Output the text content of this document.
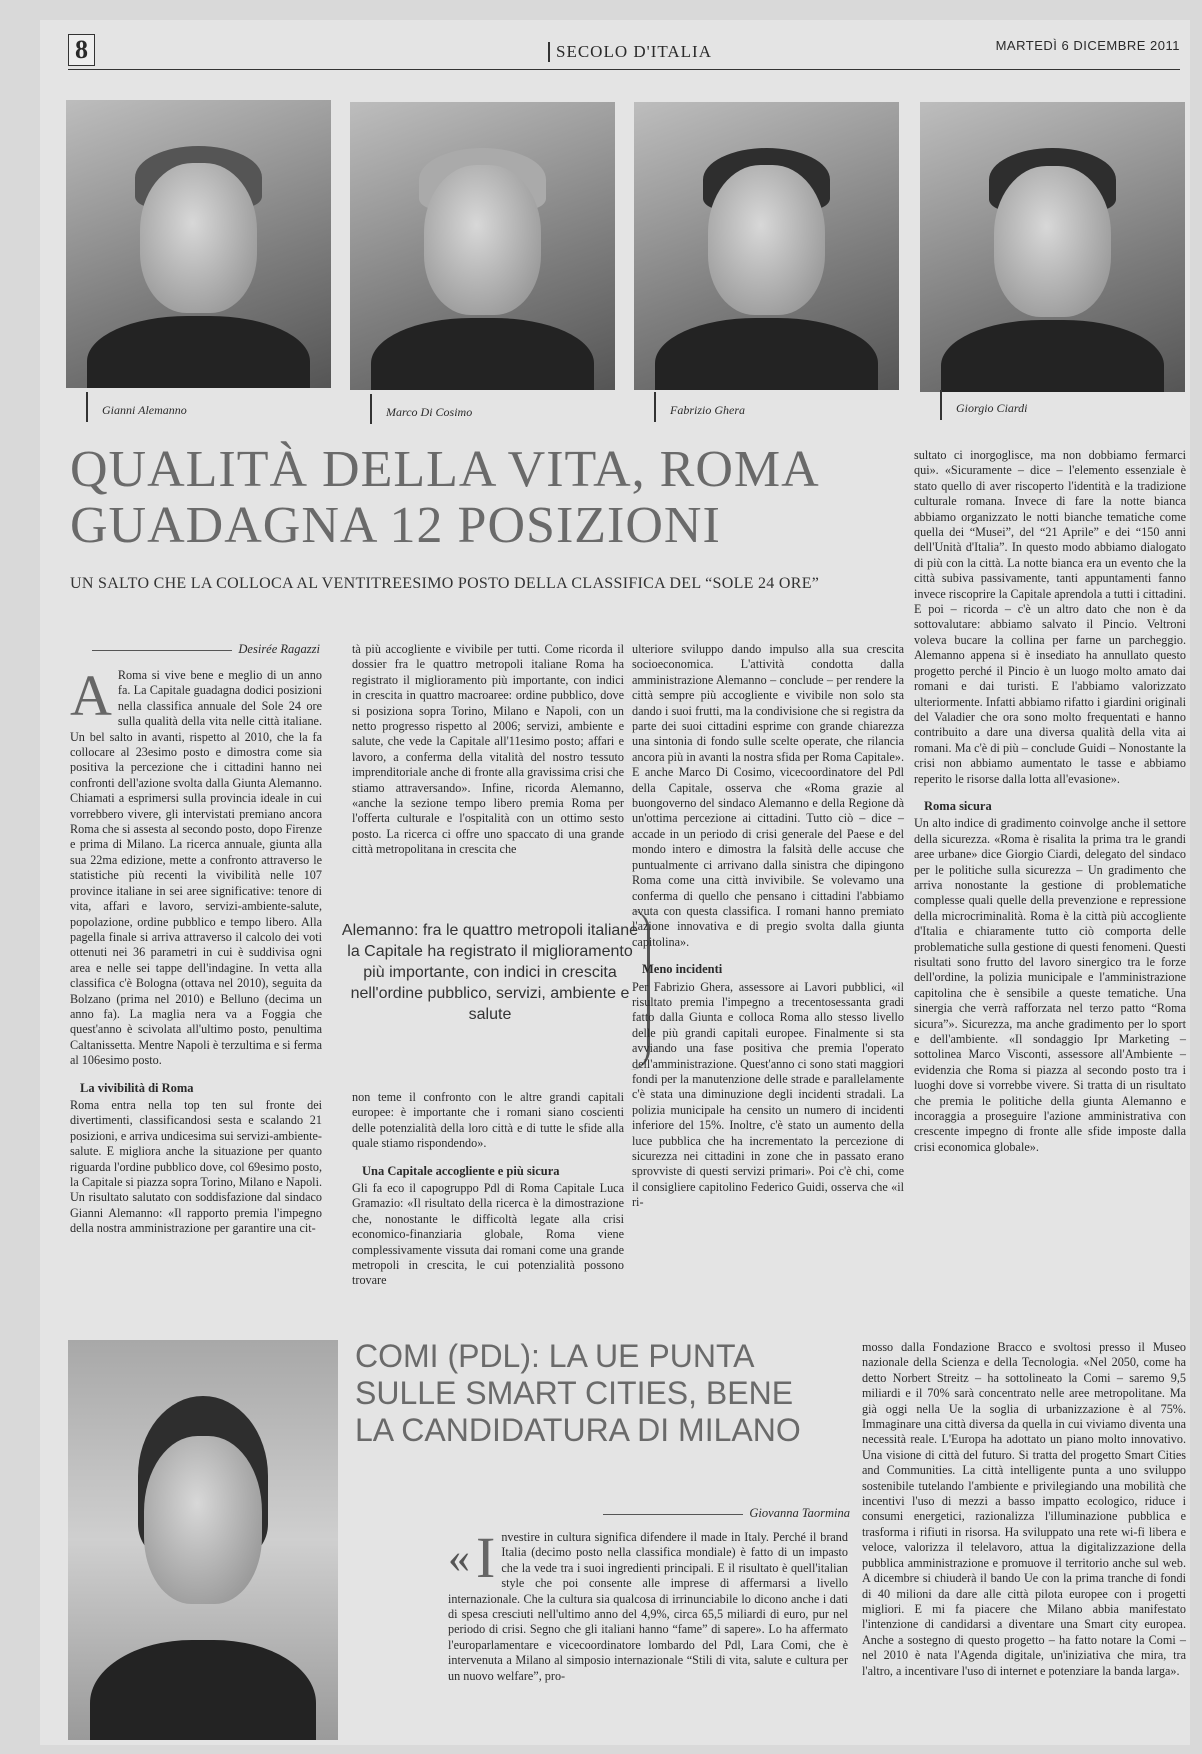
8	SECOLO D'ITALIA	MARTEDÌ 6 DICEMBRE 2011
Gianni Alemanno	Marco Di Cosimo	Fabrizio Ghera	Giorgio Ciardi
QUALITÀ DELLA VITA, ROMA GUADAGNA 12 POSIZIONI
UN SALTO CHE LA COLLOCA AL VENTITREESIMO POSTO DELLA CLASSIFICA DEL “SOLE 24 ORE”
Desirée Ragazzi
A Roma si vive bene e meglio di un anno fa. La Capitale guadagna dodici posizioni nella classifica annuale del Sole 24 ore sulla qualità della vita nelle città italiane. Un bel salto in avanti, rispetto al 2010, che la fa collocare al 23esimo posto e dimostra come sia positiva la percezione che i cittadini hanno nei confronti dell'azione svolta dalla Giunta Alemanno. Chiamati a esprimersi sulla provincia ideale in cui vorrebbero vivere, gli intervistati premiano ancora Roma che si assesta al secondo posto, dopo Firenze e prima di Milano. La ricerca annuale, giunta alla sua 22ma edizione, mette a confronto attraverso le statistiche più recenti la vivibilità nelle 107 province italiane in sei aree significative: tenore di vita, affari e lavoro, servizi-ambiente-salute, popolazione, ordine pubblico e tempo libero. Alla pagella finale si arriva attraverso il calcolo dei voti ottenuti nei 36 parametri in cui è suddivisa ogni area e nelle sei tappe dell'indagine. In vetta alla classifica c'è Bologna (ottava nel 2010), seguita da Bolzano (prima nel 2010) e Belluno (decima un anno fa). La maglia nera va a Foggia che quest'anno è scivolata all'ultimo posto, penultima Caltanissetta. Mentre Napoli è terzultima e si ferma al 106esimo posto.

La vivibilità di Roma

Roma entra nella top ten sul fronte dei divertimenti, classificandosi sesta e scalando 21 posizioni, e arriva undicesima sui servizi-ambiente-salute. E migliora anche la situazione per quanto riguarda l'ordine pubblico dove, col 69esimo posto, la Capitale si piazza sopra Torino, Milano e Napoli. Un risultato salutato con soddisfazione dal sindaco Gianni Alemanno: «Il rapporto premia l'impegno della nostra amministrazione per garantire una cit-

tà più accogliente e vivibile per tutti. Come ricorda il dossier fra le quattro metropoli italiane Roma ha registrato il miglioramento più importante, con indici in crescita in quattro macroaree: ordine pubblico, dove si posiziona sopra Torino, Milano e Napoli, con un netto progresso rispetto al 2006; servizi, ambiente e salute, che vede la Capitale all'11esimo posto; affari e lavoro, a conferma della vitalità del nostro tessuto imprenditoriale anche di fronte alla gravissima crisi che stiamo attraversando». Infine, ricorda Alemanno, «anche la sezione tempo libero premia Roma per l'offerta culturale e l'ospitalità con un ottimo sesto posto. La ricerca ci offre uno spaccato di una grande città metropolitana in crescita che

Alemanno: fra le quattro metropoli italiane la Capitale ha registrato il miglioramento più importante, con indici in crescita nell'ordine pubblico, servizi, ambiente e salute

non teme il confronto con le altre grandi capitali europee: è importante che i romani siano coscienti delle potenzialità della loro città e di tutte le sfide alla quale stiamo rispondendo».

Una Capitale accogliente e più sicura

Gli fa eco il capogruppo Pdl di Roma Capitale Luca Gramazio: «Il risultato della ricerca è la dimostrazione che, nonostante le difficoltà legate alla crisi economico-finanziaria globale, Roma viene complessivamente vissuta dai romani come una grande metropoli in crescita, le cui potenzialità possono trovare

ulteriore sviluppo dando impulso alla sua crescita socioeconomica. L'attività condotta dalla amministrazione Alemanno – conclude – per rendere la città sempre più accogliente e vivibile non solo sta dando i suoi frutti, ma la condivisione che si registra da parte dei suoi cittadini esprime con grande chiarezza una sintonia di fondo sulle scelte operate, che rilancia ancora più in avanti la nostra sfida per Roma Capitale». E anche Marco Di Cosimo, vicecoordinatore del Pdl della Capitale, osserva che «Roma grazie al buongoverno del sindaco Alemanno e della Regione dà un'ottima percezione ai cittadini. Tutto ciò – dice – accade in un periodo di crisi generale del Paese e del mondo intero e dimostra la falsità delle accuse che puntualmente ci arrivano dalla sinistra che dipingono Roma come una città invivibile. Se volevamo una conferma di quello che pensano i cittadini l'abbiamo avuta con questa classifica. I romani hanno premiato l'azione innovativa e di pregio svolta dalla giunta capitolina».

Meno incidenti

Per Fabrizio Ghera, assessore ai Lavori pubblici, «il risultato premia l'impegno a trecentosessanta gradi fatto dalla Giunta e colloca Roma allo stesso livello delle più grandi capitali europee. Finalmente si sta avviando una fase positiva che premia l'operato dell'amministrazione. Quest'anno ci sono stati maggiori fondi per la manutenzione delle strade e parallelamente c'è stata una diminuzione degli incidenti stradali. La polizia municipale ha censito un numero di incidenti inferiore del 15%. Inoltre, c'è stato un aumento della luce pubblica che ha incrementato la percezione di sicurezza nei cittadini in zone che in passato erano sprovviste di questi servizi primari». Poi c'è chi, come il consigliere capitolino Federico Guidi, osserva che «il ri-

sultato ci inorgoglisce, ma non dobbiamo fermarci qui». «Sicuramente – dice – l'elemento essenziale è stato quello di aver riscoperto l'identità e la tradizione culturale romana. Invece di fare la notte bianca abbiamo organizzato le notti bianche tematiche come quella dei “Musei”, del “21 Aprile” e dei “150 anni dell'Unità d'Italia”. In questo modo abbiamo dialogato di più con la città. La notte bianca era un evento che la città subiva passivamente, tanti appuntamenti fanno invece riscoprire la Capitale aprendola a tutti i cittadini. E poi – ricorda – c'è un altro dato che non è da sottovalutare: abbiamo salvato il Pincio. Veltroni voleva bucare la collina per farne un parcheggio. Alemanno appena si è insediato ha annullato questo progetto perché il Pincio è un luogo molto amato dai romani e dai turisti. E l'abbiamo valorizzato ulteriormente. Infatti abbiamo rifatto i giardini originali del Valadier che ora sono molto frequentati e hanno contribuito a dare una diversa qualità della vita ai romani. Ma c'è di più – conclude Guidi – Nonostante la crisi non abbiamo aumentato le tasse e abbiamo reperito le risorse dalla lotta all'evasione».

Roma sicura

Un alto indice di gradimento coinvolge anche il settore della sicurezza. «Roma è risalita la prima tra le grandi aree urbane» dice Giorgio Ciardi, delegato del sindaco per le politiche sulla sicurezza – Un gradimento che arriva nonostante la gestione di problematiche complesse quali quelle della prevenzione e repressione della microcriminalità. Roma è la città più accogliente d'Italia e chiaramente tutto ciò comporta delle problematiche sulla gestione di questi fenomeni. Questi risultati sono frutto del lavoro sinergico tra le forze dell'ordine, la polizia municipale e l'amministrazione capitolina che è sensibile a queste tematiche. Una sinergia che verrà rafforzata nel terzo patto “Roma sicura”». Sicurezza, ma anche gradimento per lo sport e dell'ambiente. «Il sondaggio Ipr Marketing – sottolinea Marco Visconti, assessore all'Ambiente – evidenzia che Roma si piazza al secondo posto tra i luoghi dove si vorrebbe vivere. Si tratta di un risultato che premia le politiche della giunta Alemanno e incoraggia a proseguire l'azione amministrativa con crescente impegno di fronte alle sfide imposte dalla crisi economica globale».

COMI (PDL): LA UE PUNTA SULLE SMART CITIES, BENE LA CANDIDATURA DI MILANO
Giovanna Taormina
« I nvestire in cultura significa difendere il made in Italy. Perché il brand Italia (decimo posto nella classifica mondiale) è fatto di un impasto che la vede tra i suoi ingredienti principali. E il risultato è quell'italian style che poi consente alle imprese di affermarsi a livello internazionale. Che la cultura sia qualcosa di irrinunciabile lo dicono anche i dati di spesa cresciuti nell'ultimo anno del 4,9%, circa 65,5 miliardi di euro, pur nel periodo di crisi. Segno che gli italiani hanno “fame” di sapere». Lo ha affermato l'europarlamentare e vicecoordinatore lombardo del Pdl, Lara Comi, che è intervenuta a Milano al simposio internazionale “Stili di vita, salute e cultura per un nuovo welfare”, pro-

mosso dalla Fondazione Bracco e svoltosi presso il Museo nazionale della Scienza e della Tecnologia. «Nel 2050, come ha detto Norbert Streitz – ha sottolineato la Comi – saremo 9,5 miliardi e il 70% sarà concentrato nelle aree metropolitane. Ma già oggi nella Ue la soglia di urbanizzazione è al 75%. Immaginare una città diversa da quella in cui viviamo diventa una necessità reale. L'Europa ha adottato un piano molto innovativo. Una visione di città del futuro. Si tratta del progetto Smart Cities and Communities. La città intelligente punta a uno sviluppo sostenibile tutelando l'ambiente e privilegiando una mobilità che incentivi l'uso di mezzi a basso impatto ecologico, riduce i consumi energetici, razionalizza l'illuminazione pubblica e trasforma i rifiuti in risorsa. Ha sviluppato una rete wi-fi libera e veloce, valorizza il telelavoro, attua la digitalizzazione della pubblica amministrazione e promuove il territorio anche sul web. A dicembre si chiuderà il bando Ue con la prima tranche di fondi di 40 milioni da dare alle città pilota europee con i progetti migliori. E mi fa piacere che Milano abbia manifestato l'intenzione di candidarsi a diventare una Smart city europea. Anche a sostegno di questo progetto – ha fatto notare la Comi – nel 2010 è nata l'Agenda digitale, un'iniziativa che mira, tra l'altro, a incentivare l'uso di internet e potenziare la banda larga».
